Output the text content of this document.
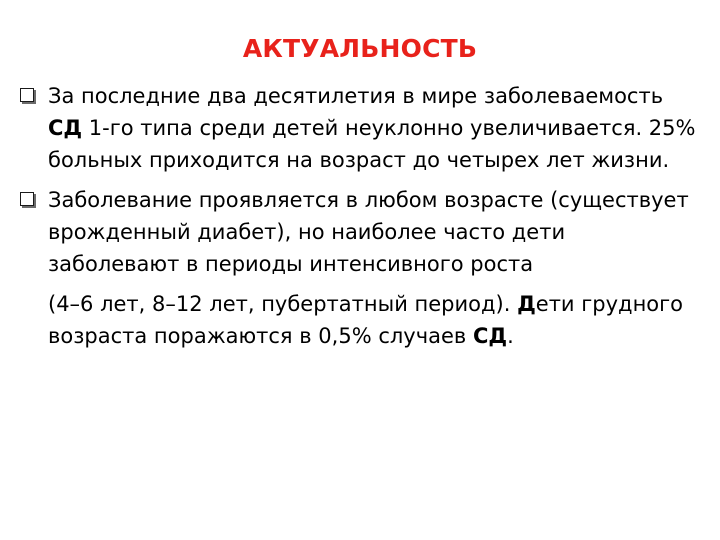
АКТУАЛЬНОСТЬ
За последние два десятилетия в мире заболеваемость СД 1-го типа среди детей неуклонно увеличивается. 25% больных приходится на возраст до четырех лет жизни.
Заболевание проявляется в любом возрасте (существует врожденный диабет), но наиболее часто дети заболевают в периоды интенсивного роста
(4–6 лет, 8–12 лет, пубертатный период). Дети грудного возраста поражаются в 0,5% случаев СД.
